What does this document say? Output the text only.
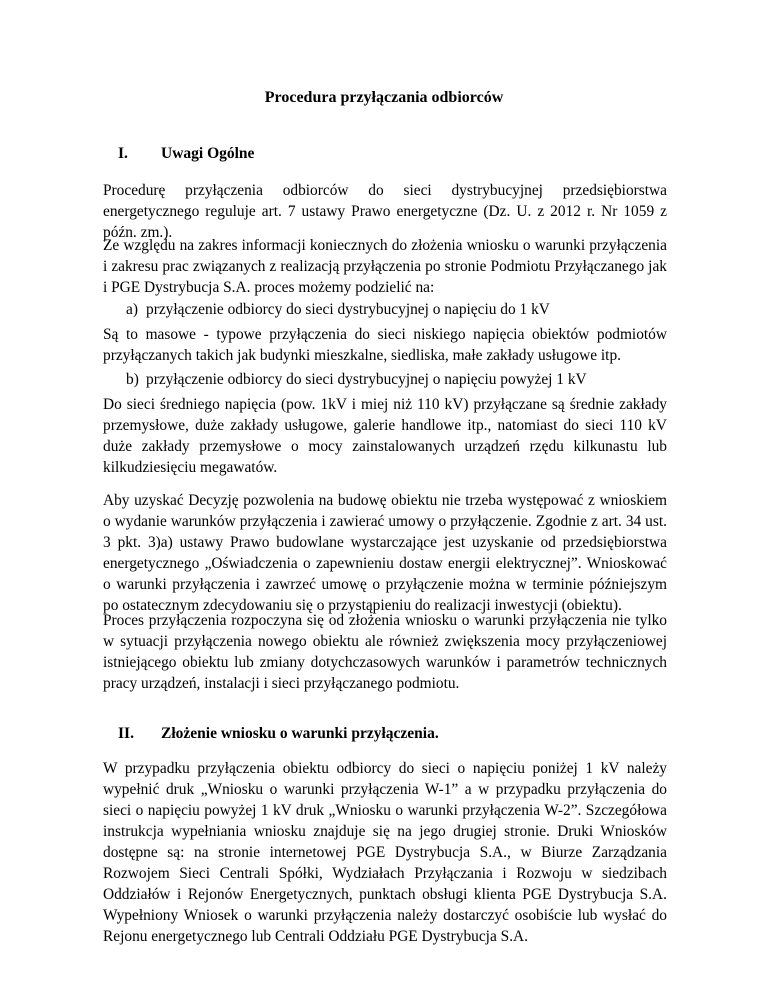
Procedura przyłączania odbiorców
I. Uwagi Ogólne

Procedurę przyłączenia odbiorców do sieci dystrybucyjnej przedsiębiorstwa energetycznego reguluje art. 7 ustawy Prawo energetyczne (Dz. U. z 2012 r. Nr 1059 z późn. zm.).

Ze względu na zakres informacji koniecznych do złożenia wniosku o warunki przyłączenia i zakresu prac związanych z realizacją przyłączenia po stronie Podmiotu Przyłączanego jak i PGE Dystrybucja S.A. proces możemy podzielić na:

a) przyłączenie odbiorcy do sieci dystrybucyjnej o napięciu do 1 kV

Są to masowe - typowe przyłączenia do sieci niskiego napięcia obiektów podmiotów przyłączanych takich jak budynki mieszkalne, siedliska, małe zakłady usługowe itp.

b) przyłączenie odbiorcy do sieci dystrybucyjnej o napięciu powyżej 1 kV

Do sieci średniego napięcia (pow. 1kV i miej niż 110 kV) przyłączane są średnie zakłady przemysłowe, duże zakłady usługowe, galerie handlowe itp., natomiast do sieci 110 kV duże zakłady przemysłowe o mocy zainstalowanych urządzeń rzędu kilkunastu lub kilkudziesięciu megawatów.

Aby uzyskać Decyzję pozwolenia na budowę obiektu nie trzeba występować z wnioskiem o wydanie warunków przyłączenia i zawierać umowy o przyłączenie. Zgodnie z art. 34 ust. 3 pkt. 3)a) ustawy Prawo budowlane wystarczające jest uzyskanie od przedsiębiorstwa energetycznego „Oświadczenia o zapewnieniu dostaw energii elektrycznej”. Wnioskować o warunki przyłączenia i zawrzeć umowę o przyłączenie można w terminie późniejszym po ostatecznym zdecydowaniu się o przystąpieniu do realizacji inwestycji (obiektu).

Proces przyłączenia rozpoczyna się od złożenia wniosku o warunki przyłączenia nie tylko w sytuacji przyłączenia nowego obiektu ale również zwiększenia mocy przyłączeniowej istniejącego obiektu lub zmiany dotychczasowych warunków i parametrów technicznych pracy urządzeń, instalacji i sieci przyłączanego podmiotu.

II. Złożenie wniosku o warunki przyłączenia.

W przypadku przyłączenia obiektu odbiorcy do sieci o napięciu poniżej 1 kV należy wypełnić druk „Wniosku o warunki przyłączenia W-1” a w przypadku przyłączenia do sieci o napięciu powyżej 1 kV druk „Wniosku o warunki przyłączenia W-2”. Szczegółowa instrukcja wypełniania wniosku znajduje się na jego drugiej stronie. Druki Wniosków dostępne są: na stronie internetowej PGE Dystrybucja S.A., w Biurze Zarządzania Rozwojem Sieci Centrali Spółki, Wydziałach Przyłączania i Rozwoju w siedzibach Oddziałów i Rejonów Energetycznych, punktach obsługi klienta PGE Dystrybucja S.A. Wypełniony Wniosek o warunki przyłączenia należy dostarczyć osobiście lub wysłać do Rejonu energetycznego lub Centrali Oddziału PGE Dystrybucja S.A.
